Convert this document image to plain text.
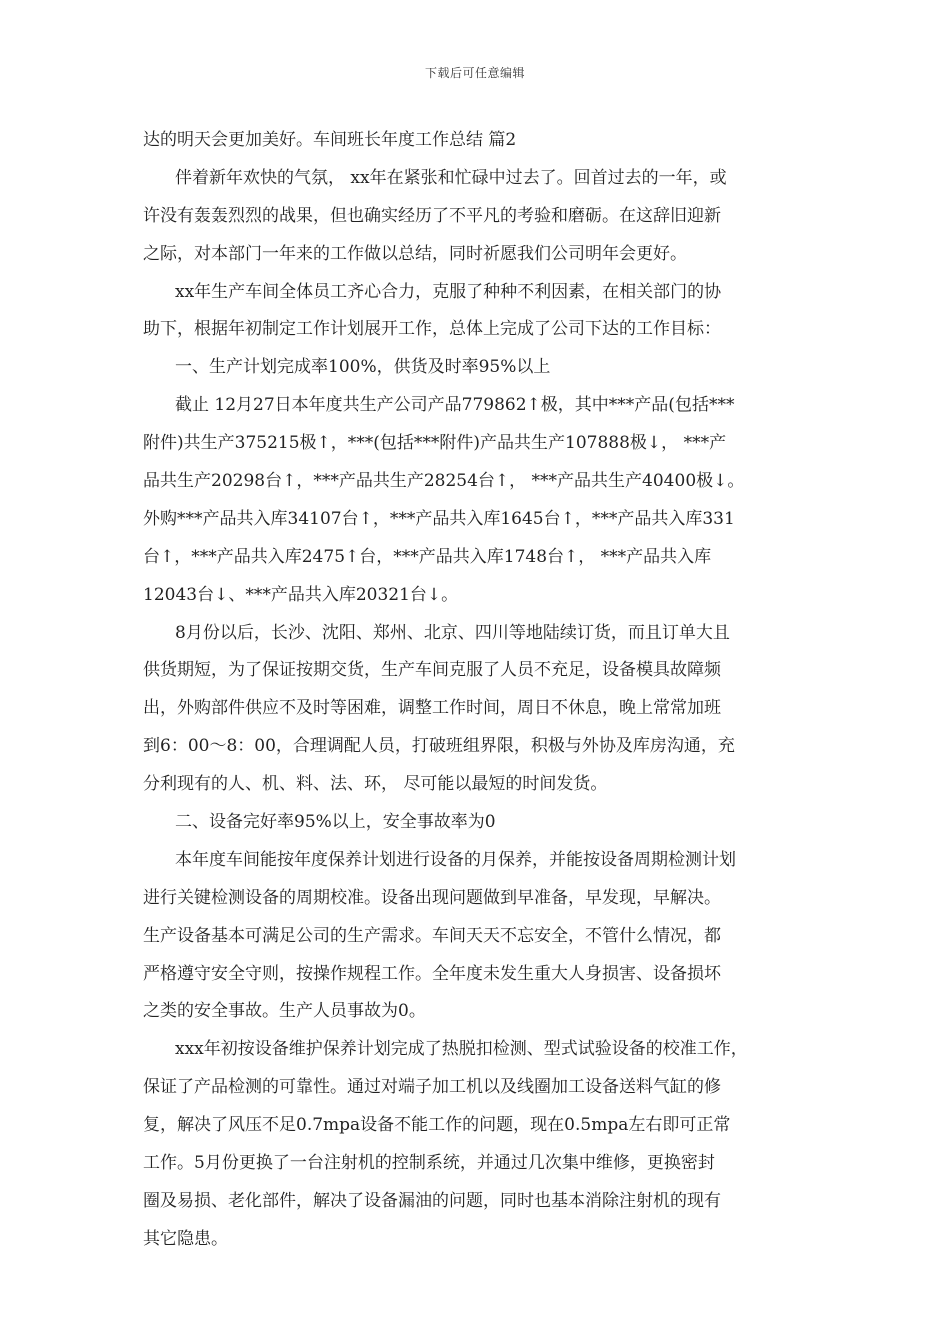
下载后可任意编辑
达的明天会更加美好。车间班长年度工作总结 篇2
伴着新年欢快的气氛， xx年在紧张和忙碌中过去了。回首过去的一年，或
许没有轰轰烈烈的战果，但也确实经历了不平凡的考验和磨砺。在这辞旧迎新
之际，对本部门一年来的工作做以总结，同时祈愿我们公司明年会更好。
xx年生产车间全体员工齐心合力，克服了种种不利因素，在相关部门的协
助下，根据年初制定工作计划展开工作，总体上完成了公司下达的工作目标：
一、生产计划完成率100%，供货及时率95%以上
截止 12月27日本年度共生产公司产品779862↑极，其中***产品(包括***
附件)共生产375215极↑，***(包括***附件)产品共生产107888极↓， ***产
品共生产20298台↑，***产品共生产28254台↑， ***产品共生产40400极↓。
外购***产品共入库34107台↑，***产品共入库1645台↑，***产品共入库331
台↑，***产品共入库2475↑台，***产品共入库1748台↑， ***产品共入库
12043台↓、***产品共入库20321台↓。
8月份以后，长沙、沈阳、郑州、北京、四川等地陆续订货，而且订单大且
供货期短，为了保证按期交货，生产车间克服了人员不充足，设备模具故障频
出，外购部件供应不及时等困难，调整工作时间，周日不休息，晚上常常加班
到6：00～8：00，合理调配人员，打破班组界限，积极与外协及库房沟通，充
分利现有的人、机、料、法、环， 尽可能以最短的时间发货。
二、设备完好率95%以上，安全事故率为0
本年度车间能按年度保养计划进行设备的月保养，并能按设备周期检测计划
进行关键检测设备的周期校准。设备出现问题做到早准备，早发现，早解决。
生产设备基本可满足公司的生产需求。车间天天不忘安全，不管什么情况，都
严格遵守安全守则，按操作规程工作。全年度未发生重大人身损害、设备损坏
之类的安全事故。生产人员事故为0。
xxx年初按设备维护保养计划完成了热脱扣检测、型式试验设备的校准工作，
保证了产品检测的可靠性。通过对端子加工机以及线圈加工设备送料气缸的修
复，解决了风压不足0.7mpa设备不能工作的问题，现在0.5mpa左右即可正常
工作。5月份更换了一台注射机的控制系统，并通过几次集中维修，更换密封
圈及易损、老化部件，解决了设备漏油的问题，同时也基本消除注射机的现有
其它隐患。
